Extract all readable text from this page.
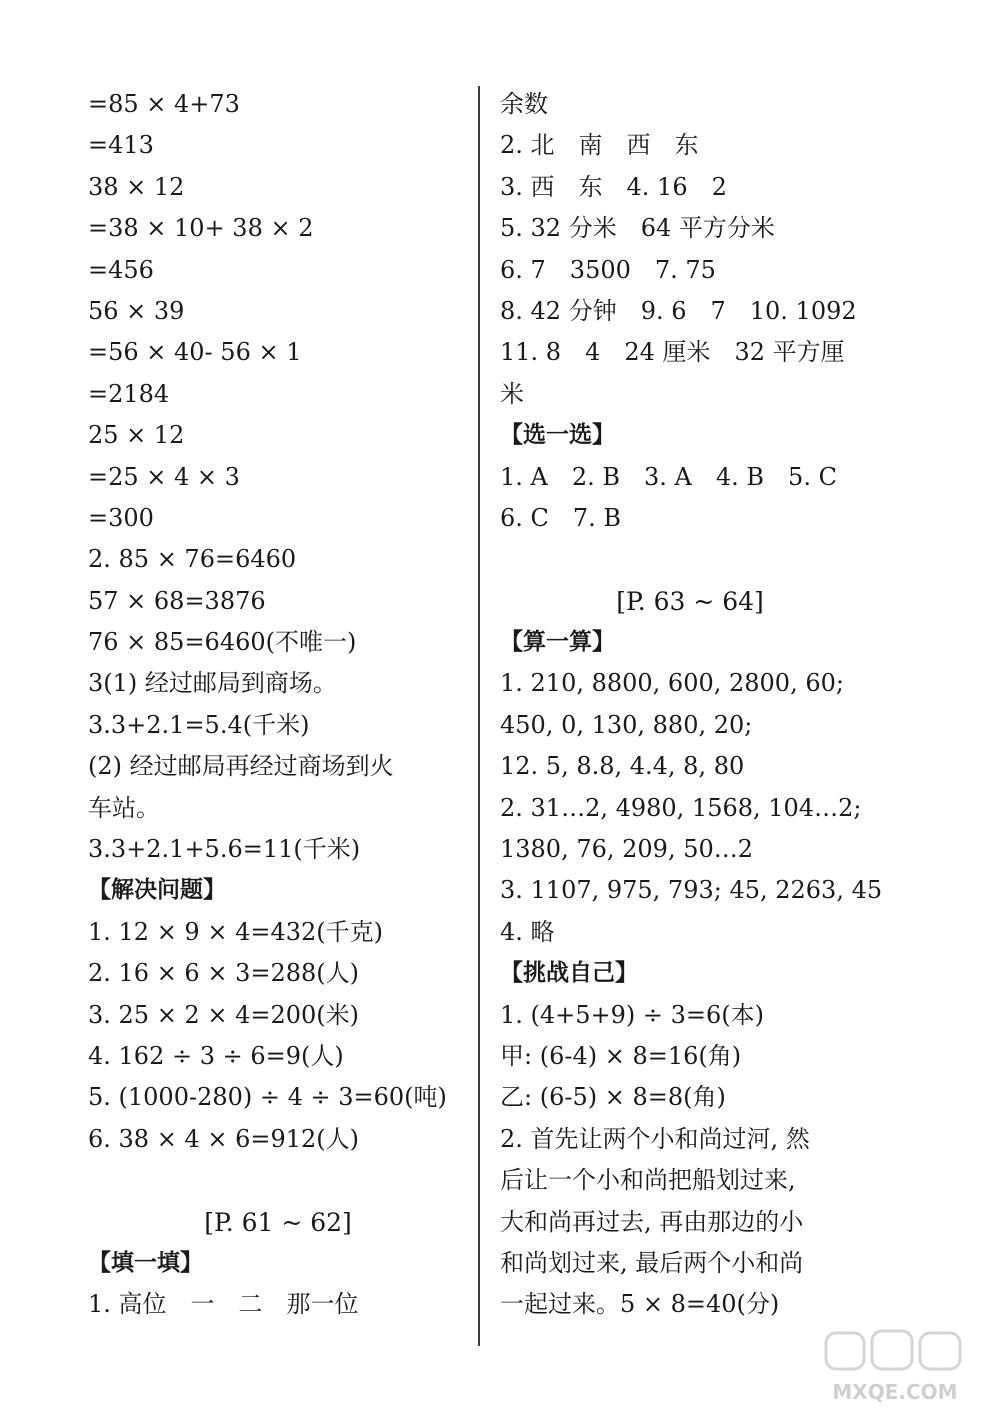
=85 × 4+73
=413
38 × 12
=38 × 10+ 38 × 2
=456
56 × 39
=56 × 40- 56 × 1
=2184
25 × 12
=25 × 4 × 3
=300
2. 85 × 76=6460
57 × 68=3876
76 × 85=6460(不唯一)
3(1) 经过邮局到商场。
3.3+2.1=5.4(千米)
(2) 经过邮局再经过商场到火
车站。
3.3+2.1+5.6=11(千米)
【解决问题】
1. 12 × 9 × 4=432(千克)
2. 16 × 6 × 3=288(人)
3. 25 × 2 × 4=200(米)
4. 162 ÷ 3 ÷ 6=9(人)
5. (1000-280) ÷ 4 ÷ 3=60(吨)
6. 38 × 4 × 6=912(人)
[P. 61 ~ 62]
【填一填】
1. 高位　一　二　那一位
余数
2. 北　南　西　东
3. 西　东　4. 16　2
5. 32 分米　64 平方分米
6. 7　3500　7. 75
8. 42 分钟　9. 6　7　10. 1092
11. 8　4　24 厘米　32 平方厘
米
【选一选】
1. A　2. B　3. A　4. B　5. C
6. C　7. B
[P. 63 ~ 64]
【算一算】
1. 210, 8800, 600, 2800, 60;
450, 0, 130, 880, 20;
12. 5, 8.8, 4.4, 8, 80
2. 31…2, 4980, 1568, 104…2;
1380, 76, 209, 50…2
3. 1107, 975, 793; 45, 2263, 45
4. 略
【挑战自己】
1. (4+5+9) ÷ 3=6(本)
甲: (6-4) × 8=16(角)
乙: (6-5) × 8=8(角)
2. 首先让两个小和尚过河, 然
后让一个小和尚把船划过来,
大和尚再过去, 再由那边的小
和尚划过来, 最后两个小和尚
一起过来。5 × 8=40(分)
MXQE.COM
